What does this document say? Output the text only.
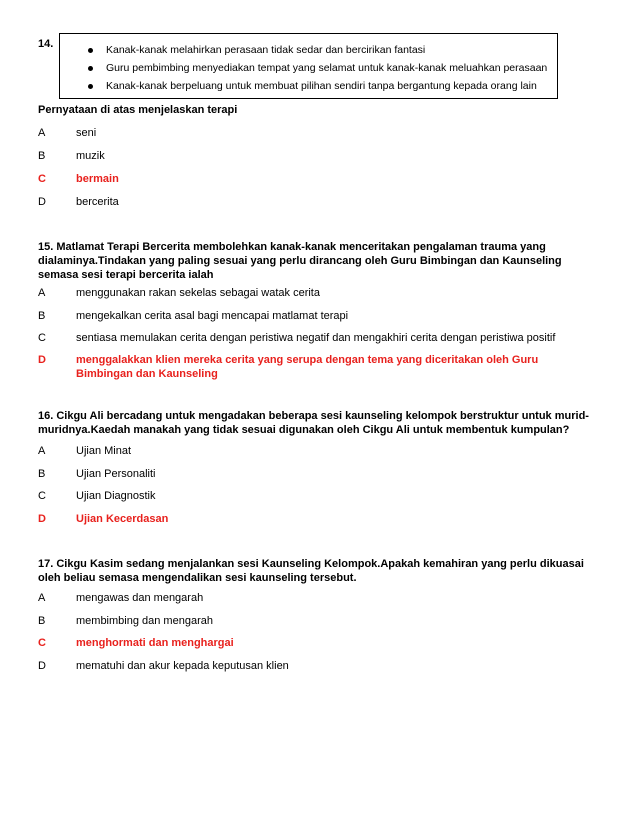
14.	Kanak-kanak melahirkan perasaan tidak sedar dan bercirikan fantasi
Guru pembimbing menyediakan tempat yang selamat untuk kanak-kanak meluahkan perasaan
Kanak-kanak berpeluang untuk membuat pilihan sendiri tanpa bergantung kepada orang lain
Pernyataan di atas menjelaskan terapi
A	seni
B	muzik
C	bermain
D	bercerita
15. Matlamat Terapi Bercerita membolehkan kanak-kanak menceritakan pengalaman trauma yang dialaminya.Tindakan yang paling sesuai yang perlu dirancang oleh Guru Bimbingan dan Kaunseling semasa sesi terapi bercerita ialah
A	menggunakan rakan sekelas sebagai watak cerita
B	mengekalkan cerita asal bagi mencapai matlamat terapi
C	sentiasa memulakan cerita dengan peristiwa negatif dan mengakhiri cerita dengan peristiwa positif
D	menggalakkan klien mereka cerita yang serupa dengan tema yang diceritakan oleh Guru Bimbingan dan Kaunseling
16. Cikgu Ali bercadang untuk mengadakan beberapa sesi kaunseling kelompok berstruktur untuk murid-muridnya.Kaedah manakah yang tidak sesuai digunakan oleh Cikgu Ali untuk membentuk kumpulan?
A	Ujian Minat
B	Ujian Personaliti
C	Ujian Diagnostik
D	Ujian Kecerdasan
17. Cikgu Kasim sedang menjalankan sesi Kaunseling Kelompok.Apakah kemahiran yang perlu dikuasai oleh beliau semasa mengendalikan sesi kaunseling tersebut.
A	mengawas dan mengarah
B	membimbing dan mengarah
C	menghormati dan menghargai
D	mematuhi dan akur kepada keputusan klien
